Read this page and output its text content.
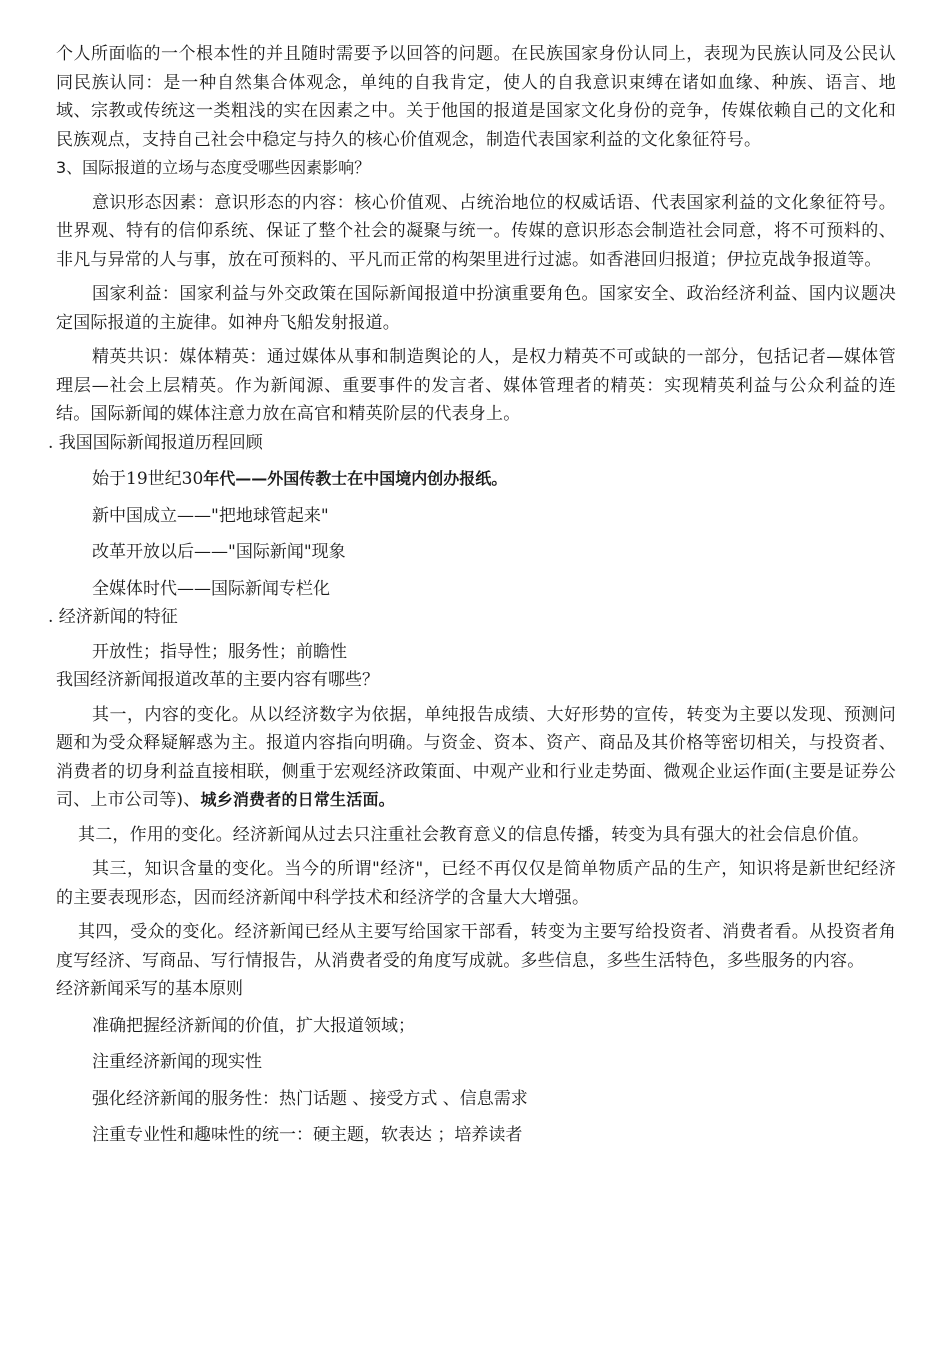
个人所面临的一个根本性的并且随时需要予以回答的问题。在民族国家身份认同上，表现为民族认同及公民认同民族认同：是一种自然集合体观念，单纯的自我肯定，使人的自我意识束缚在诸如血缘、种族、语言、地域、宗教或传统这一类粗浅的实在因素之中。关于他国的报道是国家文化身份的竞争，传媒依赖自己的文化和民族观点，支持自己社会中稳定与持久的核心价值观念，制造代表国家利益的文化象征符号。

3、国际报道的立场与态度受哪些因素影响？

意识形态因素：意识形态的内容：核心价值观、占统治地位的权威话语、代表国家利益的文化象征符号。世界观、特有的信仰系统、保证了整个社会的凝聚与统一。传媒的意识形态会制造社会同意，将不可预料的、非凡与异常的人与事，放在可预料的、平凡而正常的构架里进行过滤。如香港回归报道；伊拉克战争报道等。

国家利益：国家利益与外交政策在国际新闻报道中扮演重要角色。国家安全、政治经济利益、国内议题决定国际报道的主旋律。如神舟飞船发射报道。

精英共识：媒体精英：通过媒体从事和制造舆论的人，是权力精英不可或缺的一部分，包括记者—媒体管理层—社会上层精英。作为新闻源、重要事件的发言者、媒体管理者的精英：实现精英利益与公众利益的连结。国际新闻的媒体注意力放在高官和精英阶层的代表身上。

. 我国国际新闻报道历程回顾

始于19世纪30年代——外国传教士在中国境内创办报纸。

新中国成立——"把地球管起来"

改革开放以后——"国际新闻"现象

全媒体时代——国际新闻专栏化

. 经济新闻的特征

开放性；指导性；服务性；前瞻性

我国经济新闻报道改革的主要内容有哪些？

其一，内容的变化。从以经济数字为依据，单纯报告成绩、大好形势的宣传，转变为主要以发现、预测问题和为受众释疑解惑为主。报道内容指向明确。与资金、资本、资产、商品及其价格等密切相关，与投资者、消费者的切身利益直接相联，侧重于宏观经济政策面、中观产业和行业走势面、微观企业运作面(主要是证券公司、上市公司等)、城乡消费者的日常生活面。

其二，作用的变化。经济新闻从过去只注重社会教育意义的信息传播，转变为具有强大的社会信息价值。

其三，知识含量的变化。当今的所谓"经济"，已经不再仅仅是简单物质产品的生产，知识将是新世纪经济的主要表现形态，因而经济新闻中科学技术和经济学的含量大大增强。

其四，受众的变化。经济新闻已经从主要写给国家干部看，转变为主要写给投资者、消费者看。从投资者角度写经济、写商品、写行情报告，从消费者受的角度写成就。多些信息，多些生活特色，多些服务的内容。

经济新闻采写的基本原则

准确把握经济新闻的价值，扩大报道领域；

注重经济新闻的现实性

强化经济新闻的服务性：热门话题 、接受方式 、信息需求

注重专业性和趣味性的统一：硬主题，软表达 ；培养读者
